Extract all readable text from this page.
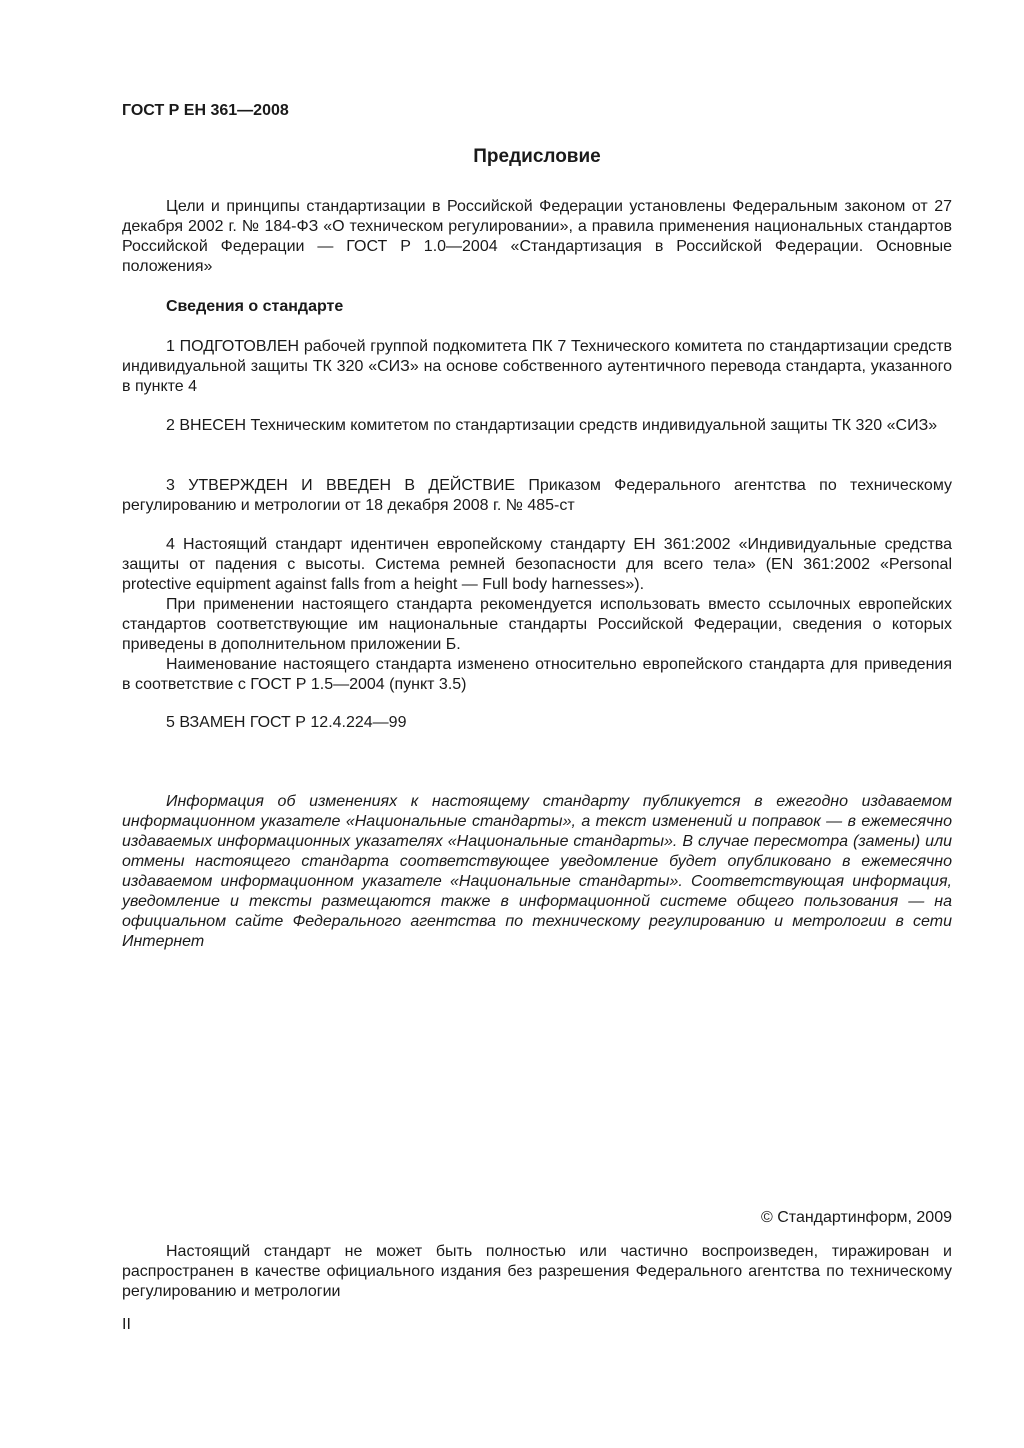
ГОСТ Р ЕН 361—2008
Предисловие

Цели и принципы стандартизации в Российской Федерации установлены Федеральным законом от 27 декабря 2002 г. № 184-ФЗ «О техническом регулировании», а правила применения национальных стандартов Российской Федерации — ГОСТ Р 1.0—2004 «Стандартизация в Российской Федерации. Основные положения»

Сведения о стандарте

1 ПОДГОТОВЛЕН рабочей группой подкомитета ПК 7 Технического комитета по стандартизации средств индивидуальной защиты ТК 320 «СИЗ» на основе собственного аутентичного перевода стандарта, указанного в пункте 4

2 ВНЕСЕН Техническим комитетом по стандартизации средств индивидуальной защиты ТК 320 «СИЗ»

3 УТВЕРЖДЕН И ВВЕДЕН В ДЕЙСТВИЕ Приказом Федерального агентства по техническому регулированию и метрологии от 18 декабря 2008 г. № 485-ст

4 Настоящий стандарт идентичен европейскому стандарту ЕН 361:2002 «Индивидуальные средства защиты от падения с высоты. Система ремней безопасности для всего тела» (EN 361:2002 «Personal protective equipment against falls from a height — Full body harnesses»).

При применении настоящего стандарта рекомендуется использовать вместо ссылочных европейских стандартов соответствующие им национальные стандарты Российской Федерации, сведения о которых приведены в дополнительном приложении Б.

Наименование настоящего стандарта изменено относительно европейского стандарта для приведения в соответствие с ГОСТ Р 1.5—2004 (пункт 3.5)

5 ВЗАМЕН ГОСТ Р 12.4.224—99

Информация об изменениях к настоящему стандарту публикуется в ежегодно издаваемом информационном указателе «Национальные стандарты», а текст изменений и поправок — в ежемесячно издаваемых информационных указателях «Национальные стандарты». В случае пересмотра (замены) или отмены настоящего стандарта соответствующее уведомление будет опубликовано в ежемесячно издаваемом информационном указателе «Национальные стандарты». Соответствующая информация, уведомление и тексты размещаются также в информационной системе общего пользования — на официальном сайте Федерального агентства по техническому регулированию и метрологии в сети Интернет

© Стандартинформ, 2009

Настоящий стандарт не может быть полностью или частично воспроизведен, тиражирован и распространен в качестве официального издания без разрешения Федерального агентства по техническому регулированию и метрологии

II
